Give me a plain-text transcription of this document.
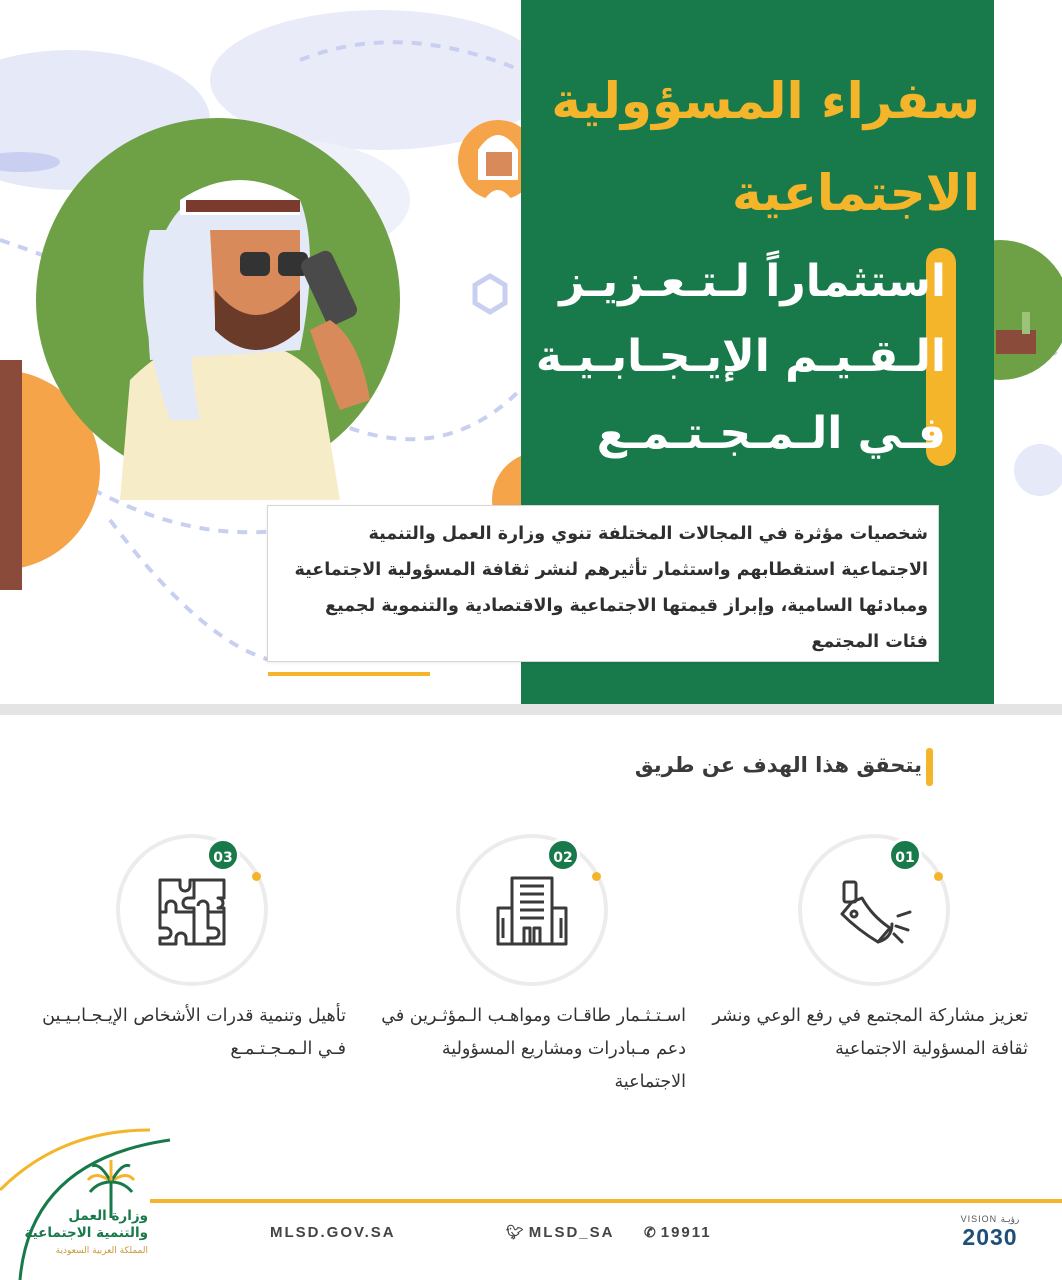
سفراء المسؤولية
الاجتماعية
استثماراً لـتـعـزيـز
الـقـيـم الإيـجـابـيـة
فـي الـمـجـتـمـع
شخصيات مؤثرة في المجالات المختلفة تنوي وزارة العمل والتنمية الاجتماعية استقطابهم واستثمار تأثيرهم لنشر ثقافة المسؤولية الاجتماعية ومبادئها السامية، وإبراز قيمتها الاجتماعية والاقتصادية والتنموية لجميع فئات المجتمع
يتحقق هذا الهدف عن طريق
01
تعزيز مشاركة المجتمع في رفع الوعي ونشر ثقافة المسؤولية الاجتماعية
02
اسـتـثـمار طاقـات ومواهـب الـمؤثـرين في دعم مـبادرات ومشاريع المسؤولية الاجتماعية
03
تأهيل وتنمية قدرات الأشخاص الإيـجـابـيـين فـي الـمـجـتـمـع
وزارة العمل
والتنمية الاجتماعية
المملكة العربية السعودية
MLSD.GOV.SA	🐦︎ MLSD_SA ✆ 19911
VISION رؤيـة
2030
